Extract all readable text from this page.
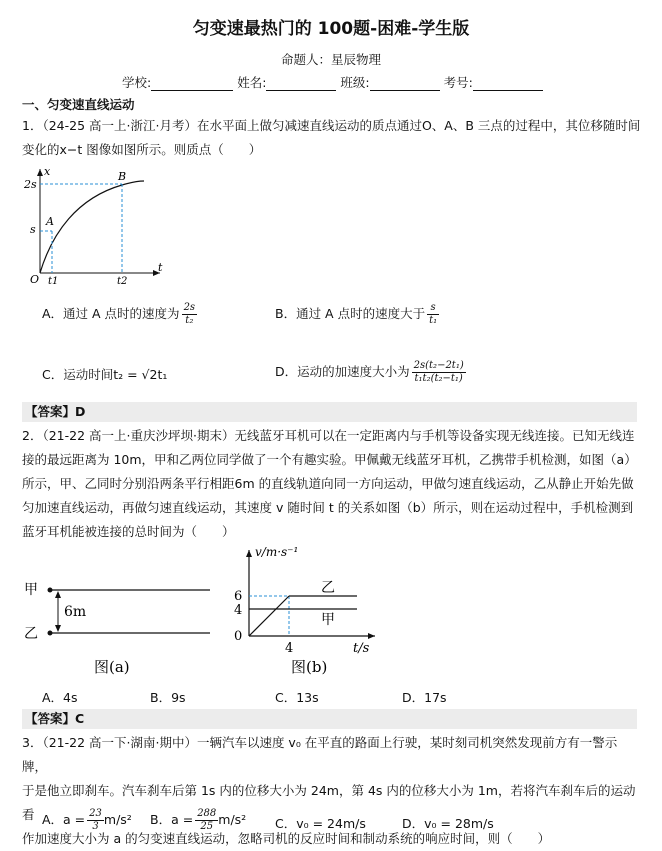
匀变速最热门的 100题-困难-学生版
命题人：星辰物理
学校:	姓名:	班级:	考号:
一、匀变速直线运动
1．（24-25 高一上·浙江·月考）在水平面上做匀减速直线运动的质点通过O、A、B 三点的过程中，其位移随时间
变化的x−t 图像如图所示。则质点（　　）
2s
s
x
O t1	t2
t
A
B
A．通过 A 点时的速度为 $\frac{2s}{\text{t₂}}$	B．通过 A 点时的速度大于 $\frac{s}{\text{t₁}}$
C．运动时间t₂ = √2t₁	D．运动的加速度大小为 $\frac{\text{2s(t₂−2t₁)}}{\text{t₁t₂(t₂−t₁)}}$
【答案】D
2．（21-22 高一上·重庆沙坪坝·期末）无线蓝牙耳机可以在一定距离内与手机等设备实现无线连接。已知无线连
接的最远距离为 10m，甲和乙两位同学做了一个有趣实验。甲佩戴无线蓝牙耳机，乙携带手机检测，如图（a）
所示，甲、乙同时分别沿两条平行相距6m 的直线轨道向同一方向运动，甲做匀速直线运动，乙从静止开始先做
匀加速直线运动，再做匀速直线运动，其速度 v 随时间 t 的关系如图（b）所示，则在运动过程中，手机检测到
蓝牙耳机能被连接的总时间为（　　）
甲
乙
6m
图(a)
v/m·s⁻¹
6
4
0
4	t/s
乙
甲
图(b)
A．4s	B．9s	C．13s	D．17s
【答案】C
3．（21-22 高一下·湖南·期中）一辆汽车以速度 v₀ 在平直的路面上行驶，某时刻司机突然发现前方有一警示牌，
于是他立即刹车。汽车刹车后第 1s 内的位移大小为 24m，第 4s 内的位移大小为 1m，若将汽车刹车后的运动看
作加速度大小为 a 的匀变速直线运动，忽略司机的反应时间和制动系统的响应时间，则（　　）
A．$a = \frac{23}{3} m/s^2$ B．$a = \frac{288}{25} m/s^2$ C．v₀ = 24m/s	D．v₀ = 28m/s
